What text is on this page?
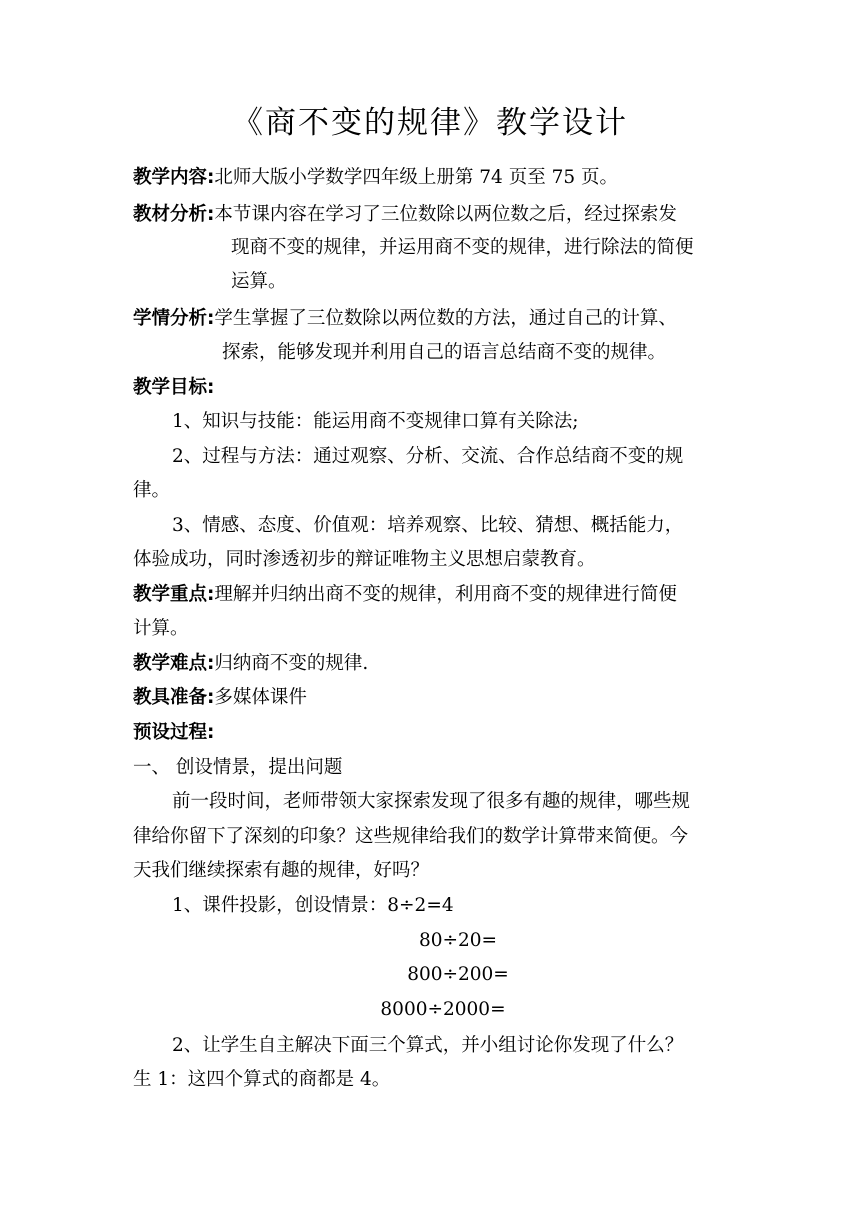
《商不变的规律》教学设计
教学内容:北师大版小学数学四年级上册第 74 页至 75 页。
教材分析:本节课内容在学习了三位数除以两位数之后，经过探索发
现商不变的规律，并运用商不变的规律，进行除法的简便
运算。
学情分析:学生掌握了三位数除以两位数的方法，通过自己的计算、
探索，能够发现并利用自己的语言总结商不变的规律。
教学目标:
1、知识与技能：能运用商不变规律口算有关除法;
2、过程与方法：通过观察、分析、交流、合作总结商不变的规
律。
3、情感、态度、价值观：培养观察、比较、猜想、概括能力，
体验成功，同时渗透初步的辩证唯物主义思想启蒙教育。
教学重点:理解并归纳出商不变的规律，利用商不变的规律进行简便
计算。
教学难点:归纳商不变的规律.
教具准备:多媒体课件
预设过程:
一、 创设情景，提出问题
前一段时间，老师带领大家探索发现了很多有趣的规律，哪些规
律给你留下了深刻的印象？这些规律给我们的数学计算带来简便。今
天我们继续探索有趣的规律，好吗？
1、课件投影，创设情景：8÷2=4
80÷20=
800÷200=
8000÷2000=
2、让学生自主解决下面三个算式，并小组讨论你发现了什么？
生 1：这四个算式的商都是 4。
